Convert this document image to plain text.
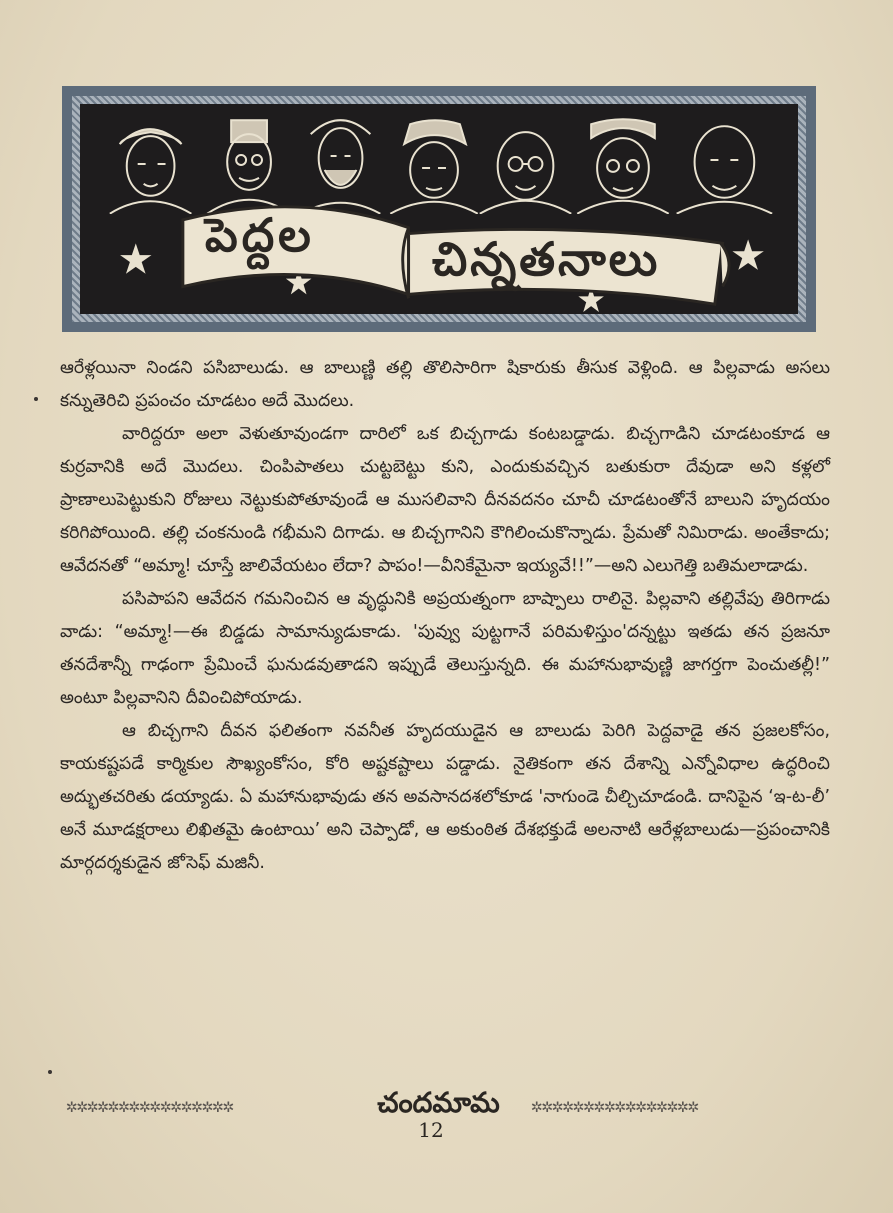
పెద్దల	చిన్నతనాలు

ఆరేళ్లయినా నిండని పసిబాలుడు. ఆ బాలుణ్ణి తల్లి తొలిసారిగా షికారుకు తీసుక వెళ్లింది. ఆ పిల్లవాడు అసలు కన్నుతెరిచి ప్రపంచం చూడటం అదే మొదలు.

వారిద్దరూ అలా వెళుతూవుండగా దారిలో ఒక బిచ్చగాడు కంటబడ్డాడు. బిచ్చగాడిని చూడటంకూడ ఆ కుర్రవానికి అదే మొదలు. చింపిపాతలు చుట్టబెట్టు కుని, ఎందుకువచ్చిన బతుకురా దేవుడా అని కళ్లలో ప్రాణాలుపెట్టుకుని రోజులు నెట్టుకుపోతూవుండే ఆ ముసలివాని దీనవదనం చూచీ చూడటంతోనే బాలుని హృదయం కరిగిపోయింది. తల్లి చంకనుండి గభీమని దిగాడు. ఆ బిచ్చగానిని కౌగిలించుకొన్నాడు. ప్రేమతో నిమిరాడు. అంతేకాదు; ఆవేదనతో “అమ్మా! చూస్తే జాలివేయటం లేదా? పాపం!—వీనికేమైనా ఇయ్యవే!!”—అని ఎలుగెత్తి బతిమలాడాడు.

పసిపాపని ఆవేదన గమనించిన ఆ వృద్ధునికి అప్రయత్నంగా బాష్పాలు రాలినై. పిల్లవాని తల్లివేపు తిరిగాడు వాడు: “అమ్మా!—ఈ బిడ్డడు సామాన్యుడుకాడు. 'పువ్వు పుట్టగానే పరిమళిస్తుం'దన్నట్టు ఇతడు తన ప్రజనూ తనదేశాన్నీ గాఢంగా ప్రేమించే ఘనుడవుతాడని ఇప్పుడే తెలుస్తున్నది. ఈ మహానుభావుణ్ణి జాగర్తగా పెంచుతల్లీ!” అంటూ పిల్లవానిని దీవించిపోయాడు.

ఆ బిచ్చగాని దీవన ఫలితంగా నవనీత హృదయుడైన ఆ బాలుడు పెరిగి పెద్దవాడై తన ప్రజలకోసం, కాయకష్టపడే కార్మికుల సౌఖ్యంకోసం, కోరి అష్టకష్టాలు పడ్డాడు. నైతికంగా తన దేశాన్ని ఎన్నోవిధాల ఉద్ధరించి అద్భుతచరితు డయ్యాడు. ఏ మహానుభావుడు తన అవసానదశలోకూడ 'నాగుండె చీల్చిచూడండి. దానిపైన ‘ఇ-ట-లీ’ అనే మూడక్షరాలు లిఖితమై ఉంటాయి’ అని చెప్పాడో, ఆ అకుంఠిత దేశభక్తుడే అలనాటి ఆరేళ్లబాలుడు—ప్రపంచానికి మార్గదర్శకుడైన జోసెఫ్ మజినీ.

✲✲✲✲✲✲✲✲✲✲✲✲✲✲✲✲	చందమామ	✲✲✲✲✲✲✲✲✲✲✲✲✲✲✲✲
12
